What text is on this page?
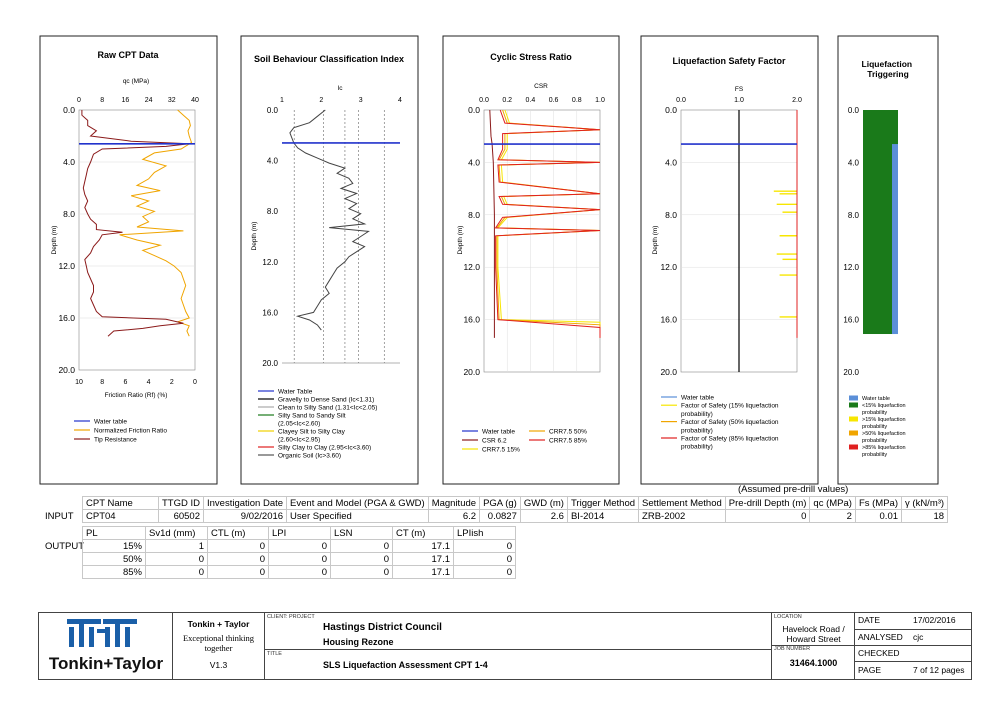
Raw CPT Data	Soil Behaviour Classification Index	Cyclic Stress Ratio	Liquefaction Safety Factor	Liquefaction Triggering
qc (MPa)
Friction Ratio (Rf) (%)
Ic	CSR	FS
Depth (m)	Depth (m)	Depth (m)	Depth (m)
0.0
4.0
8.0
12.0
16.0
20.0
0	8 16 24 32 40
10 8	6	4	2	0
0.0
4.0
8.0
12.0
16.0
20.0
1	2	3	4
0.0
4.0
8.0
12.0
16.0
20.0
0.0 0.2 0.4 0.6 0.8 1.0
0.0
4.0
8.0
12.0
16.0
20.0
0.0	1.0	2.0
0.0
4.0
8.0
12.0
16.0
20.0
Water table
Normalized Friction Ratio
Tip Resistance
Water Table
Gravelly to Dense Sand (Ic<1.31)
Clean to Silty Sand (1.31<Ic<2.05)
Silty Sand to Sandy Silt
(2.05<Ic<2.60)
Clayey Silt to Silty Clay
(2.60<Ic<2.95)
Silty Clay to Clay (2.95<Ic<3.60)
Organic Soil (Ic>3.60)
Water table
CSR 6.2
CRR7.5 15%
CRR7.5 50%
CRR7.5 85%
Water table
Factor of Safety (15% liquefaction
probability)
Factor of Safety (50% liquefaction
probability)
Factor of Safety (85% liquefaction
probability)
Water table
<15% liquefaction
probability
>15% liquefaction
probability
>50% liquefaction
probability
>85% liquefaction
probability
(Assumed pre-drill values)
INPUT
CPT Name	TTGD ID	Investigation Date	Event and Model (PGA & GWD)	Magnitude	PGA (g)	GWD (m)	Trigger Method	Settlement Method	Pre-drill Depth (m)	qc (MPa)	Fs (MPa)	γ (kN/m³)
CPT04	60502	9/02/2016	User Specified	6.2	0.0827	2.6	BI-2014	ZRB-2002	0	2	0.01	18
OUTPUT
PL	Sv1d (mm)	CTL (m)	LPI	LSN	CT (m)	LPIish
15%	1	0	0	0	17.1	0
50%	0	0	0	0	17.1	0
85%	0	0	0	0	17.1	0
Tonkin+Taylor
Tonkin + Taylor
Exceptional thinking
together
V1.3
CLIENT: PROJECT
Hastings District Council
Housing Rezone
TITLE
SLS Liquefaction Assessment CPT 1-4
LOCATION
Havelock Road /
Howard Street
JOB NUMBER
31464.1000
DATE	17/02/2016
ANALYSED cjc
CHECKED
PAGE	7 of 12 pages
